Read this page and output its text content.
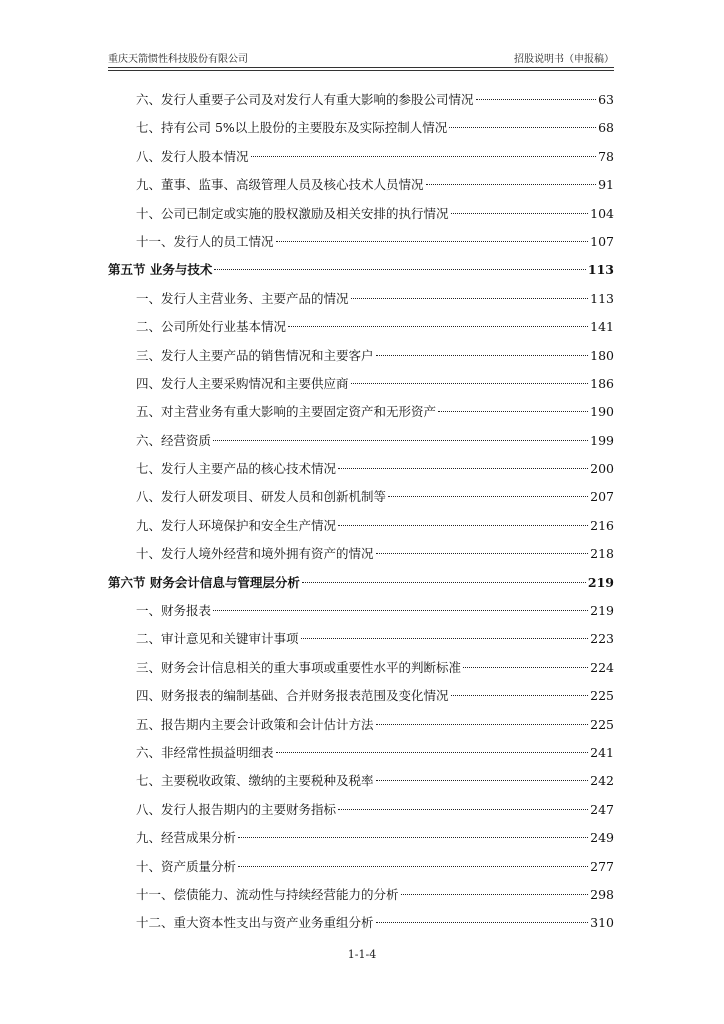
重庆天箭惯性科技股份有限公司	招股说明书（申报稿）
六、发行人重要子公司及对发行人有重大影响的参股公司情况	63
七、持有公司 5%以上股份的主要股东及实际控制人情况	68
八、发行人股本情况	78
九、董事、监事、高级管理人员及核心技术人员情况	91
十、公司已制定或实施的股权激励及相关安排的执行情况	104
十一、发行人的员工情况	107
第五节 业务与技术	113
一、发行人主营业务、主要产品的情况	113
二、公司所处行业基本情况	141
三、发行人主要产品的销售情况和主要客户	180
四、发行人主要采购情况和主要供应商	186
五、对主营业务有重大影响的主要固定资产和无形资产	190
六、经营资质	199
七、发行人主要产品的核心技术情况	200
八、发行人研发项目、研发人员和创新机制等	207
九、发行人环境保护和安全生产情况	216
十、发行人境外经营和境外拥有资产的情况	218
第六节 财务会计信息与管理层分析	219
一、财务报表	219
二、审计意见和关键审计事项	223
三、财务会计信息相关的重大事项或重要性水平的判断标准	224
四、财务报表的编制基础、合并财务报表范围及变化情况	225
五、报告期内主要会计政策和会计估计方法	225
六、非经常性损益明细表	241
七、主要税收政策、缴纳的主要税种及税率	242
八、发行人报告期内的主要财务指标	247
九、经营成果分析	249
十、资产质量分析	277
十一、偿债能力、流动性与持续经营能力的分析	298
十二、重大资本性支出与资产业务重组分析	310
1-1-4
